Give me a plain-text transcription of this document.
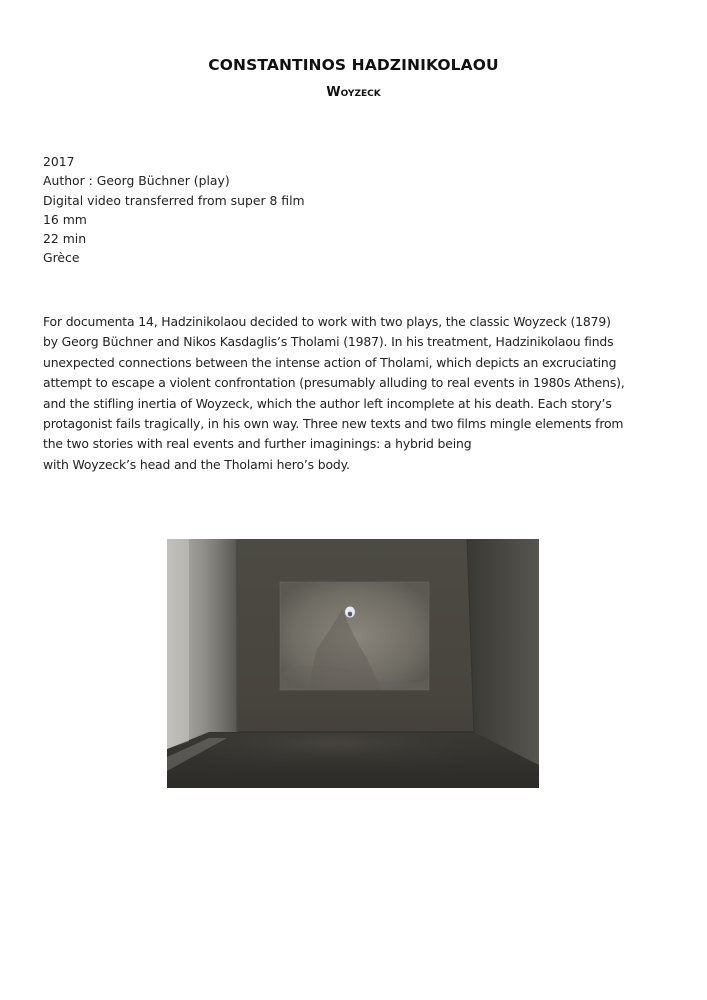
CONSTANTINOS HADZINIKOLAOU
Woyzeck
2017
Author : Georg Büchner (play)
Digital video transferred from super 8 film
16 mm
22 min
Grèce
For documenta 14, Hadzinikolaou decided to work with two plays, the classic Woyzeck (1879)
by Georg Büchner and Nikos Kasdaglis’s Tholami (1987). In his treatment, Hadzinikolaou finds
unexpected connections between the intense action of Tholami, which depicts an excruciating
attempt to escape a violent confrontation (presumably alluding to real events in 1980s Athens),
and the stifling inertia of Woyzeck, which the author left incomplete at his death. Each story’s
protagonist fails tragically, in his own way. Three new texts and two films mingle elements from
the two stories with real events and further imaginings: a hybrid being
with Woyzeck’s head and the Tholami hero’s body.
